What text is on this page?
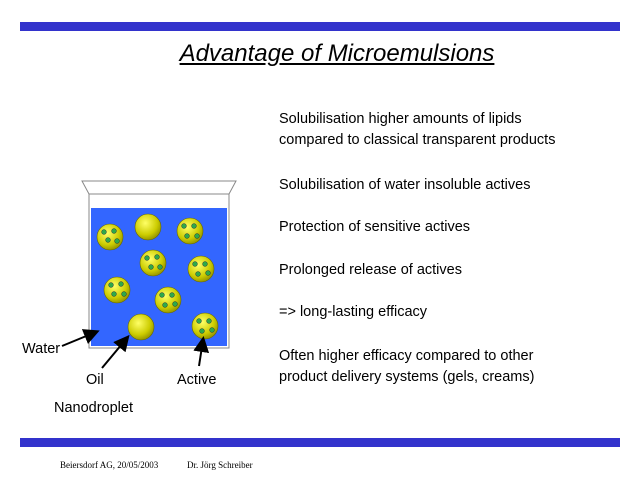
Advantage of Microemulsions
Water
Oil	Active
Nanodroplet
Solubilisation higher amounts of lipids
compared to classical transparent products
Solubilisation of water insoluble actives
Protection of sensitive actives
Prolonged release of actives
=> long-lasting efficacy
Often higher efficacy compared to other
product delivery systems (gels, creams)
Beiersdorf AG, 20/05/2003	Dr. Jörg Schreiber
